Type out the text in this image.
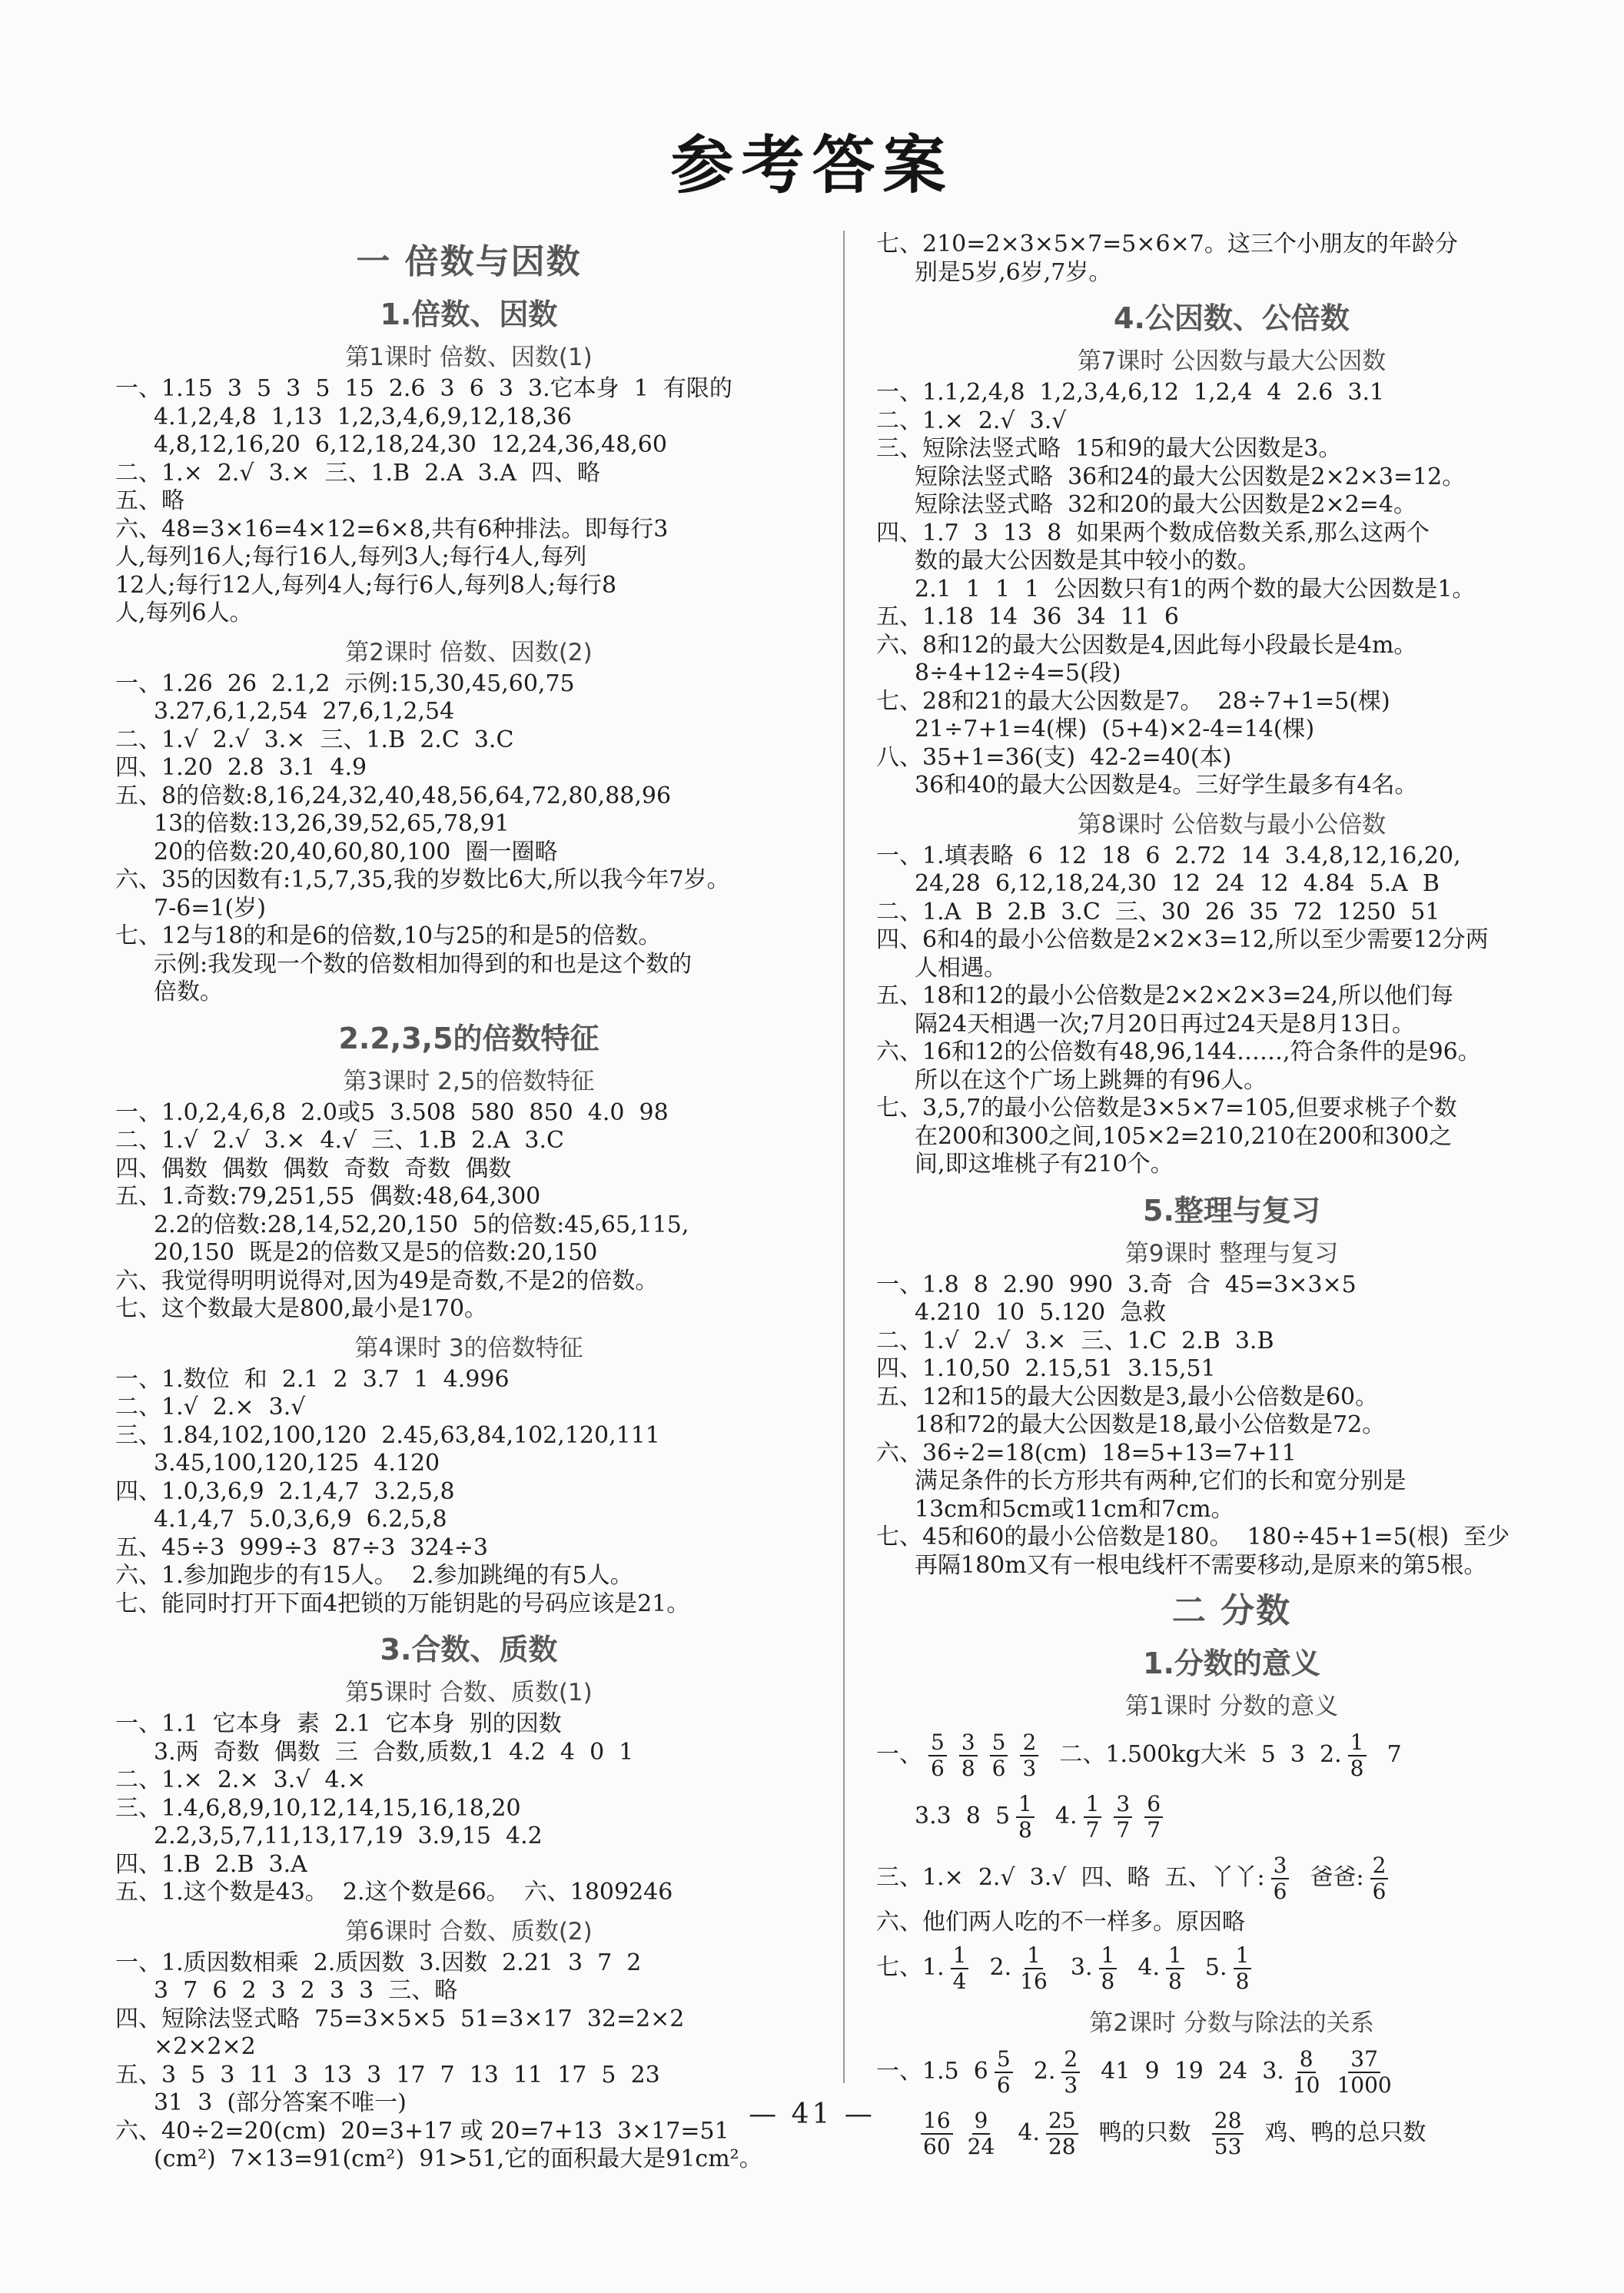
参考答案
一 倍数与因数
1.倍数、因数
第1课时 倍数、因数(1)
一、1.15  3  5  3  5  15  2.6  3  6  3  3.它本身  1  有限的
4.1,2,4,8  1,13  1,2,3,4,6,9,12,18,36
4,8,12,16,20  6,12,18,24,30  12,24,36,48,60
二、1.×  2.√  3.×  三、1.B  2.A  3.A  四、略
五、略
六、48=3×16=4×12=6×8,共有6种排法。即每行3
人,每列16人;每行16人,每列3人;每行4人,每列
12人;每行12人,每列4人;每行6人,每列8人;每行8
人,每列6人。
第2课时 倍数、因数(2)
一、1.26  26  2.1,2  示例:15,30,45,60,75
3.27,6,1,2,54  27,6,1,2,54
二、1.√  2.√  3.×  三、1.B  2.C  3.C
四、1.20  2.8  3.1  4.9
五、8的倍数:8,16,24,32,40,48,56,64,72,80,88,96
13的倍数:13,26,39,52,65,78,91
20的倍数:20,40,60,80,100  圈一圈略
六、35的因数有:1,5,7,35,我的岁数比6大,所以我今年7岁。
7-6=1(岁)
七、12与18的和是6的倍数,10与25的和是5的倍数。
示例:我发现一个数的倍数相加得到的和也是这个数的
倍数。
2.2,3,5的倍数特征
第3课时 2,5的倍数特征
一、1.0,2,4,6,8  2.0或5  3.508  580  850  4.0  98
二、1.√  2.√  3.×  4.√  三、1.B  2.A  3.C
四、偶数  偶数  偶数  奇数  奇数  偶数
五、1.奇数:79,251,55  偶数:48,64,300
2.2的倍数:28,14,52,20,150  5的倍数:45,65,115,
20,150  既是2的倍数又是5的倍数:20,150
六、我觉得明明说得对,因为49是奇数,不是2的倍数。
七、这个数最大是800,最小是170。
第4课时 3的倍数特征
一、1.数位  和  2.1  2  3.7  1  4.996
二、1.√  2.×  3.√
三、1.84,102,100,120  2.45,63,84,102,120,111
3.45,100,120,125  4.120
四、1.0,3,6,9  2.1,4,7  3.2,5,8
4.1,4,7  5.0,3,6,9  6.2,5,8
五、45÷3  999÷3  87÷3  324÷3
六、1.参加跑步的有15人。  2.参加跳绳的有5人。
七、能同时打开下面4把锁的万能钥匙的号码应该是21。
3.合数、质数
第5课时 合数、质数(1)
一、1.1  它本身  素  2.1  它本身  别的因数
3.两  奇数  偶数  三  合数,质数,1  4.2  4  0  1
二、1.×  2.×  3.√  4.×
三、1.4,6,8,9,10,12,14,15,16,18,20
2.2,3,5,7,11,13,17,19  3.9,15  4.2
四、1.B  2.B  3.A
五、1.这个数是43。  2.这个数是66。  六、1809246
第6课时 合数、质数(2)
一、1.质因数相乘  2.质因数  3.因数  2.21  3  7  2
3  7  6  2  3  2  3  3  三、略
四、短除法竖式略  75=3×5×5  51=3×17  32=2×2
×2×2×2
五、3  5  3  11  3  13  3  17  7  13  11  17  5  23
31  3  (部分答案不唯一)
六、40÷2=20(cm)  20=3+17 或 20=7+13  3×17=51
(cm²)  7×13=91(cm²)  91>51,它的面积最大是91cm²。
七、210=2×3×5×7=5×6×7。这三个小朋友的年龄分
别是5岁,6岁,7岁。
4.公因数、公倍数
第7课时 公因数与最大公因数
一、1.1,2,4,8  1,2,3,4,6,12  1,2,4  4  2.6  3.1
二、1.×  2.√  3.√
三、短除法竖式略  15和9的最大公因数是3。
短除法竖式略  36和24的最大公因数是2×2×3=12。
短除法竖式略  32和20的最大公因数是2×2=4。
四、1.7  3  13  8  如果两个数成倍数关系,那么这两个
数的最大公因数是其中较小的数。
2.1  1  1  1  公因数只有1的两个数的最大公因数是1。
五、1.18  14  36  34  11  6
六、8和12的最大公因数是4,因此每小段最长是4m。
8÷4+12÷4=5(段)
七、28和21的最大公因数是7。  28÷7+1=5(棵)
21÷7+1=4(棵)  (5+4)×2-4=14(棵)
八、35+1=36(支)  42-2=40(本)
36和40的最大公因数是4。三好学生最多有4名。
第8课时 公倍数与最小公倍数
一、1.填表略  6  12  18  6  2.72  14  3.4,8,12,16,20,
24,28  6,12,18,24,30  12  24  12  4.84  5.A  B
二、1.A  B  2.B  3.C  三、30  26  35  72  1250  51
四、6和4的最小公倍数是2×2×3=12,所以至少需要12分两
人相遇。
五、18和12的最小公倍数是2×2×2×3=24,所以他们每
隔24天相遇一次;7月20日再过24天是8月13日。
六、16和12的公倍数有48,96,144……,符合条件的是96。
所以在这个广场上跳舞的有96人。
七、3,5,7的最小公倍数是3×5×7=105,但要求桃子个数
在200和300之间,105×2=210,210在200和300之
间,即这堆桃子有210个。
5.整理与复习
第9课时 整理与复习
一、1.8  8  2.90  990  3.奇  合  45=3×3×5
4.210  10  5.120  急救
二、1.√  2.√  3.×  三、1.C  2.B  3.B
四、1.10,50  2.15,51  3.15,51
五、12和15的最大公因数是3,最小公倍数是60。
18和72的最大公因数是18,最小公倍数是72。
六、36÷2=18(cm)  18=5+13=7+11
满足条件的长方形共有两种,它们的长和宽分别是
13cm和5cm或11cm和7cm。
七、45和60的最小公倍数是180。  180÷45+1=5(根)  至少
再隔180m又有一根电线杆不需要移动,是原来的第5根。
二 分数
1.分数的意义
第1课时 分数的意义
一、 $\frac{5}{6} \frac{3}{8} \frac{5}{6} \frac{2}{3}$ 二、1.500kg大米  5  3  2. $\frac{1}{8} 7$
3.3  8  $5 \frac{1}{8} 4$. $\frac{1}{7} \frac{3}{7} \frac{6}{7}$
三、1.×  2.√  3.√  四、略  五、丫丫: $\frac{3}{6}$ 爸爸: $\frac{2}{6}$
六、他们两人吃的不一样多。原因略
七、1. $\frac{1}{4} 2$. $\frac{1}{16} 3$. $\frac{1}{8} 4$. $\frac{1}{8} 5$. $\frac{1}{8}$
第2课时 分数与除法的关系
一、1.5  $6 \frac{5}{6} 2$. $\frac{2}{3} 41$  9  19  24  3. $\frac{8}{10} \frac{37}{1000}$
$\frac{16}{60} \frac{9}{24} 4$. $\frac{25}{28}$ 鸭的只数 $\frac{28}{53}$ 鸡、鸭的总只数
— 41 —
